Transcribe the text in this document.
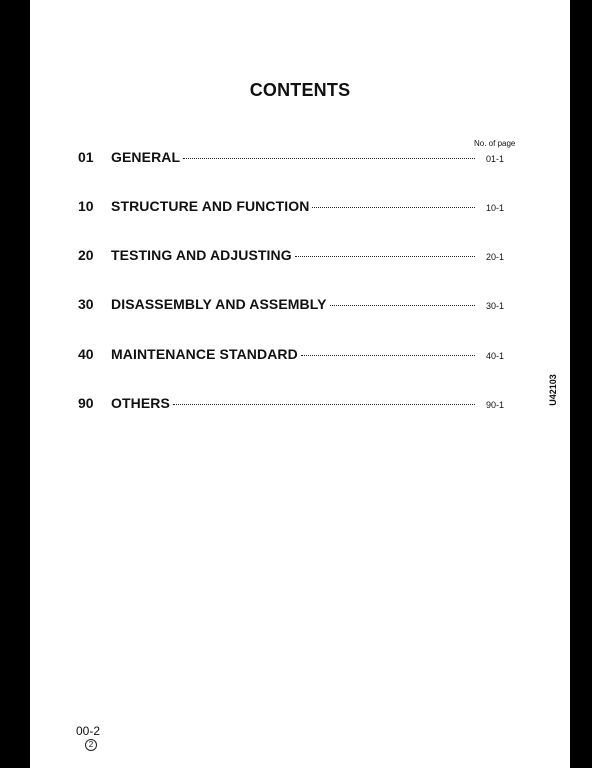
CONTENTS
No. of page
01	GENERAL	01-1
10	STRUCTURE AND FUNCTION	10-1
20	TESTING AND ADJUSTING	20-1
30	DISASSEMBLY AND ASSEMBLY	30-1
40	MAINTENANCE STANDARD	40-1
90	OTHERS	90-1	U42103
00-2
2
